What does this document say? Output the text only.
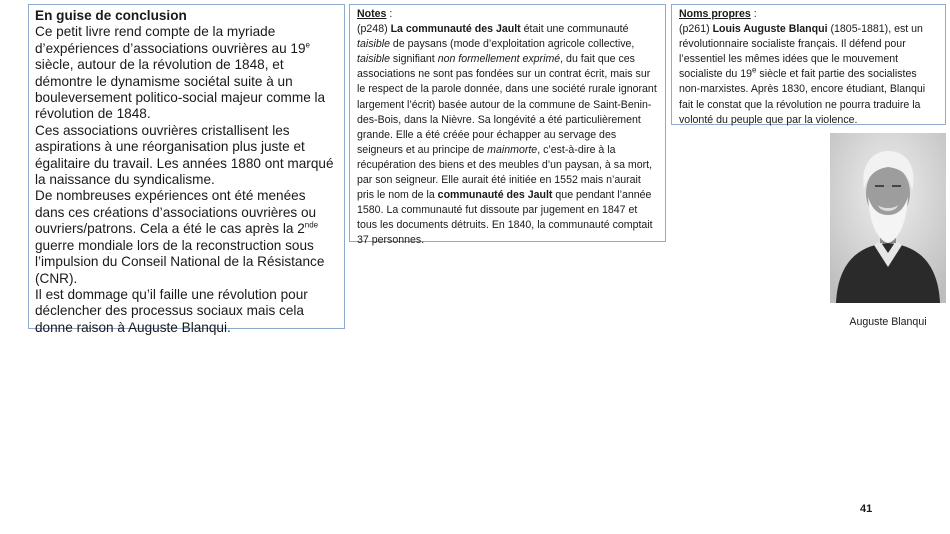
En guise de conclusion

Ce petit livre rend compte de la myriade d’expériences d’associations ouvrières au 19e siècle, autour de la révolution de 1848, et démontre le dynamisme sociétal suite à un bouleversement politico-social majeur comme la révolution de 1848.

Ces associations ouvrières cristallisent les aspirations à une réorganisation plus juste et égalitaire du travail. Les années 1880 ont marqué la naissance du syndicalisme.

De nombreuses expériences ont été menées dans ces créations d’associations ouvrières ou ouvriers/patrons. Cela a été le cas après la 2nde guerre mondiale lors de la reconstruction sous l’impulsion du Conseil National de la Résistance (CNR).

Il est dommage qu’il faille une révolution pour déclencher des processus sociaux mais cela donne raison à Auguste Blanqui.

Notes :

(p248) La communauté des Jault était une communauté taisible de paysans (mode d’exploitation agricole collective, taisible signifiant non formellement exprimé, du fait que ces associations ne sont pas fondées sur un contrat écrit, mais sur le respect de la parole donnée, dans une société rurale ignorant largement l’écrit) basée autour de la commune de Saint-Benin-des-Bois, dans la Nièvre. Sa longévité a été particulièrement grande. Elle a été créée pour échapper au servage des seigneurs et au principe de mainmorte, c’est-à-dire à la récupération des biens et des meubles d’un paysan, à sa mort, par son seigneur. Elle aurait été initiée en 1552 mais n’aurait pris le nom de la communauté des Jault que pendant l’année 1580. La communauté fut dissoute par jugement en 1847 et tous les documents détruits. En 1840, la communauté comptait 37 personnes.

Noms propres :

(p261) Louis Auguste Blanqui (1805-1881), est un révolutionnaire socialiste français. Il défend pour l’essentiel les mêmes idées que le mouvement socialiste du 19e siècle et fait partie des socialistes non-marxistes. Après 1830, encore étudiant, Blanqui fait le constat que la révolution ne pourra traduire la volonté du peuple que par la violence.

Auguste Blanqui
41
